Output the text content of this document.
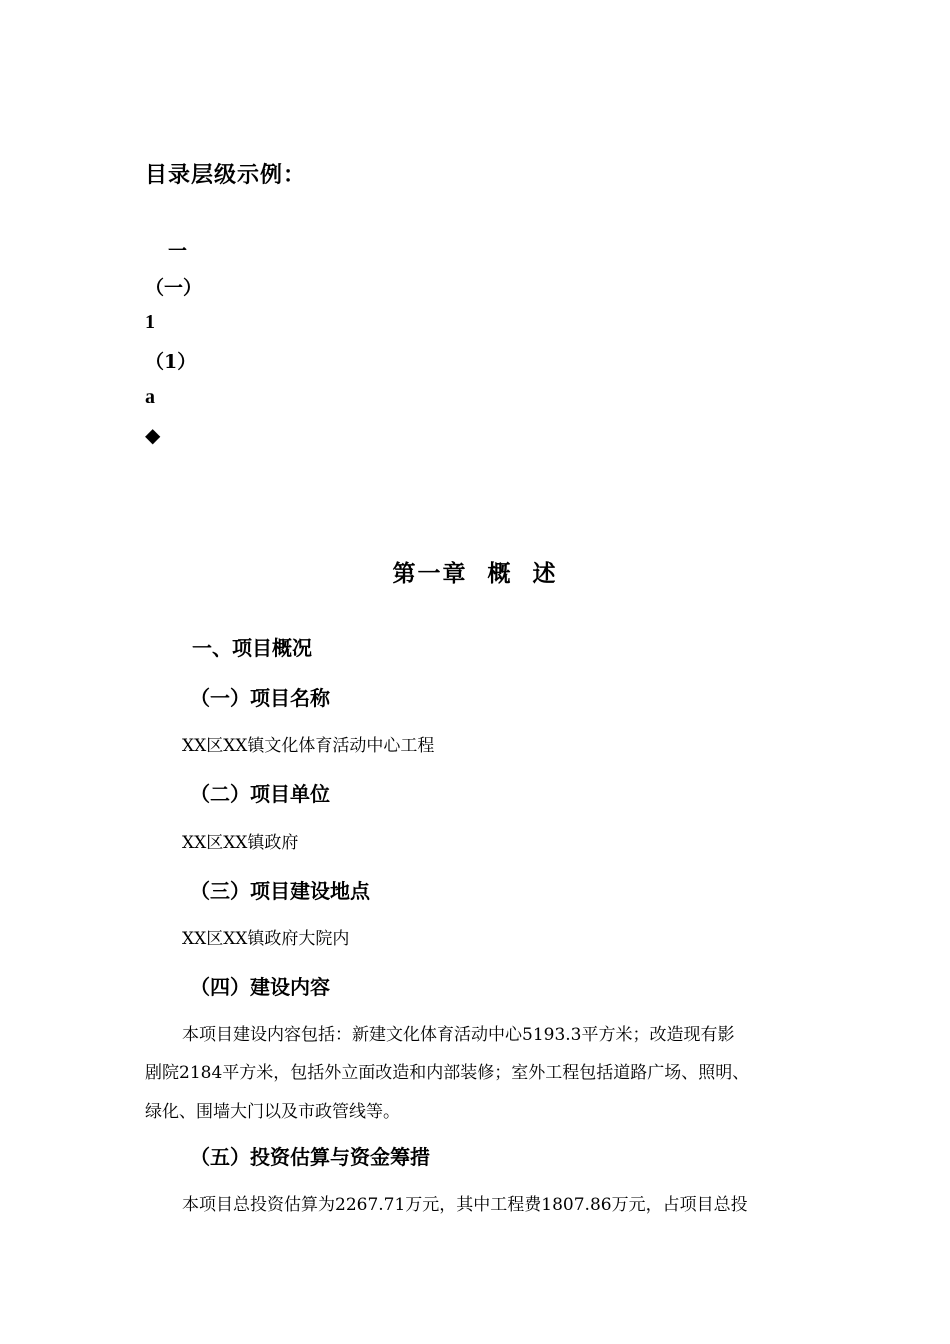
目录层级示例：
一
（一）
1
（1）
a
◆
第一章  概  述
一、项目概况
（一）项目名称
XX区XX镇文化体育活动中心工程
（二）项目单位
XX区XX镇政府
（三）项目建设地点
XX区XX镇政府大院内
（四）建设内容
本项目建设内容包括：新建文化体育活动中心5193.3平方米；改造现有影
剧院2184平方米，包括外立面改造和内部装修；室外工程包括道路广场、照明、
绿化、围墙大门以及市政管线等。
（五）投资估算与资金筹措
本项目总投资估算为2267.71万元，其中工程费1807.86万元，占项目总投
